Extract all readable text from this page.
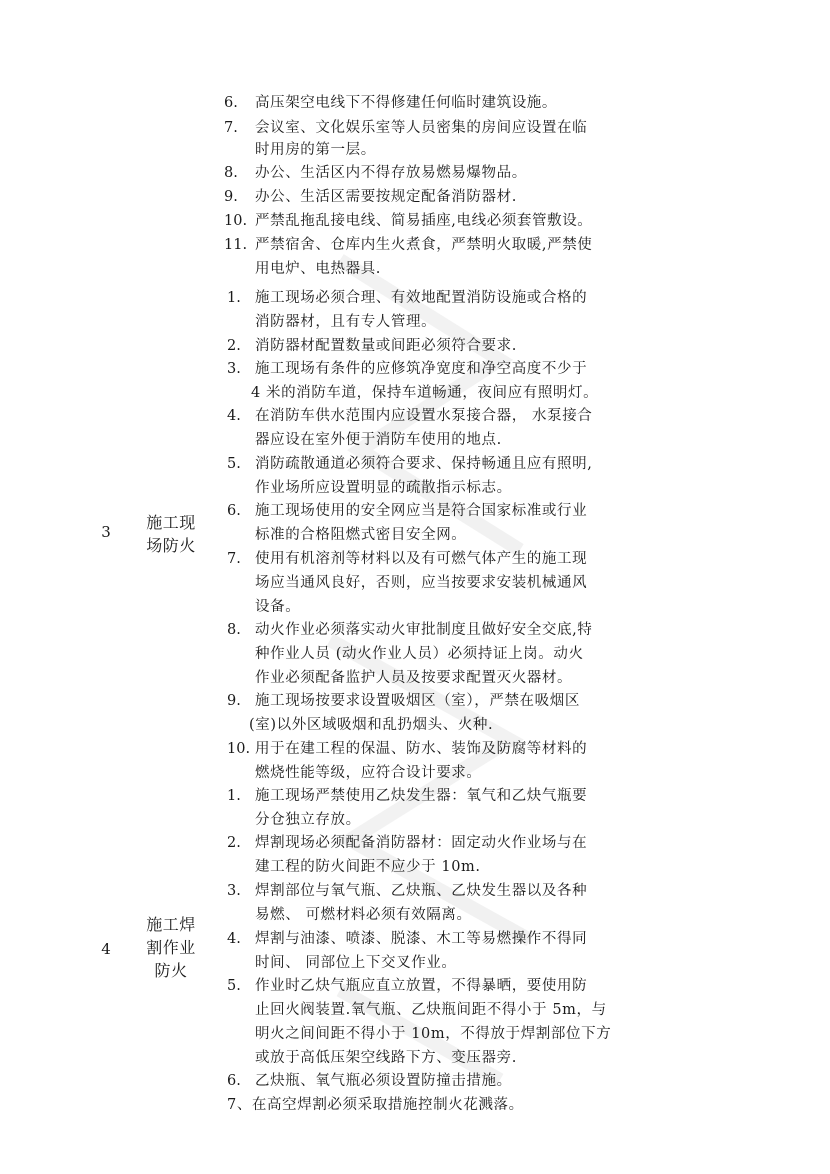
6. 高压架空电线下不得修建任何临时建筑设施。
7. 会议室、文化娱乐室等人员密集的房间应设置在临
时用房的第一层。
8. 办公、生活区内不得存放易燃易爆物品。
9. 办公、生活区需要按规定配备消防器材.
10. 严禁乱拖乱接电线、简易插座,电线必须套管敷设。
11. 严禁宿舍、仓库内生火煮食，严禁明火取暖,严禁使
用电炉、电热器具.
3	施工现
场防火
1. 施工现场必须合理、有效地配置消防设施或合格的
消防器材，且有专人管理。
2. 消防器材配置数量或间距必须符合要求.
3. 施工现场有条件的应修筑净宽度和净空高度不少于
4 米的消防车道，保持车道畅通，夜间应有照明灯。
4. 在消防车供水范围内应设置水泵接合器， 水泵接合
器应设在室外便于消防车使用的地点.
5. 消防疏散通道必须符合要求、保持畅通且应有照明,
作业场所应设置明显的疏散指示标志。
6. 施工现场使用的安全网应当是符合国家标准或行业
标准的合格阻燃式密目安全网。
7. 使用有机溶剂等材料以及有可燃气体产生的施工现
场应当通风良好，否则，应当按要求安装机械通风
设备。
8. 动火作业必须落实动火审批制度且做好安全交底,特
种作业人员 (动火作业人员）必须持证上岗。动火
作业必须配备监护人员及按要求配置灭火器材。
9. 施工现场按要求设置吸烟区（室），严禁在吸烟区
(室)以外区域吸烟和乱扔烟头、火种.
10. 用于在建工程的保温、防水、装饰及防腐等材料的
燃烧性能等级，应符合设计要求。
4
施工焊
割作业
防火
1. 施工现场严禁使用乙炔发生器：氧气和乙炔气瓶要
分仓独立存放。
2. 焊割现场必须配备消防器材：固定动火作业场与在
建工程的防火间距不应少于 10m.
3. 焊割部位与氧气瓶、乙炔瓶、乙炔发生器以及各种
易燃、 可燃材料必须有效隔离。
4. 焊割与油漆、喷漆、脱漆、木工等易燃操作不得同
时间、 同部位上下交叉作业。
5. 作业时乙炔气瓶应直立放置，不得暴晒，要使用防
止回火阀装置.氧气瓶、乙炔瓶间距不得小于 5m，与
明火之间间距不得小于 10m，不得放于焊割部位下方
或放于高低压架空线路下方、变压器旁.
6. 乙炔瓶、氧气瓶必须设置防撞击措施。
7、在高空焊割必须采取措施控制火花溅落。
